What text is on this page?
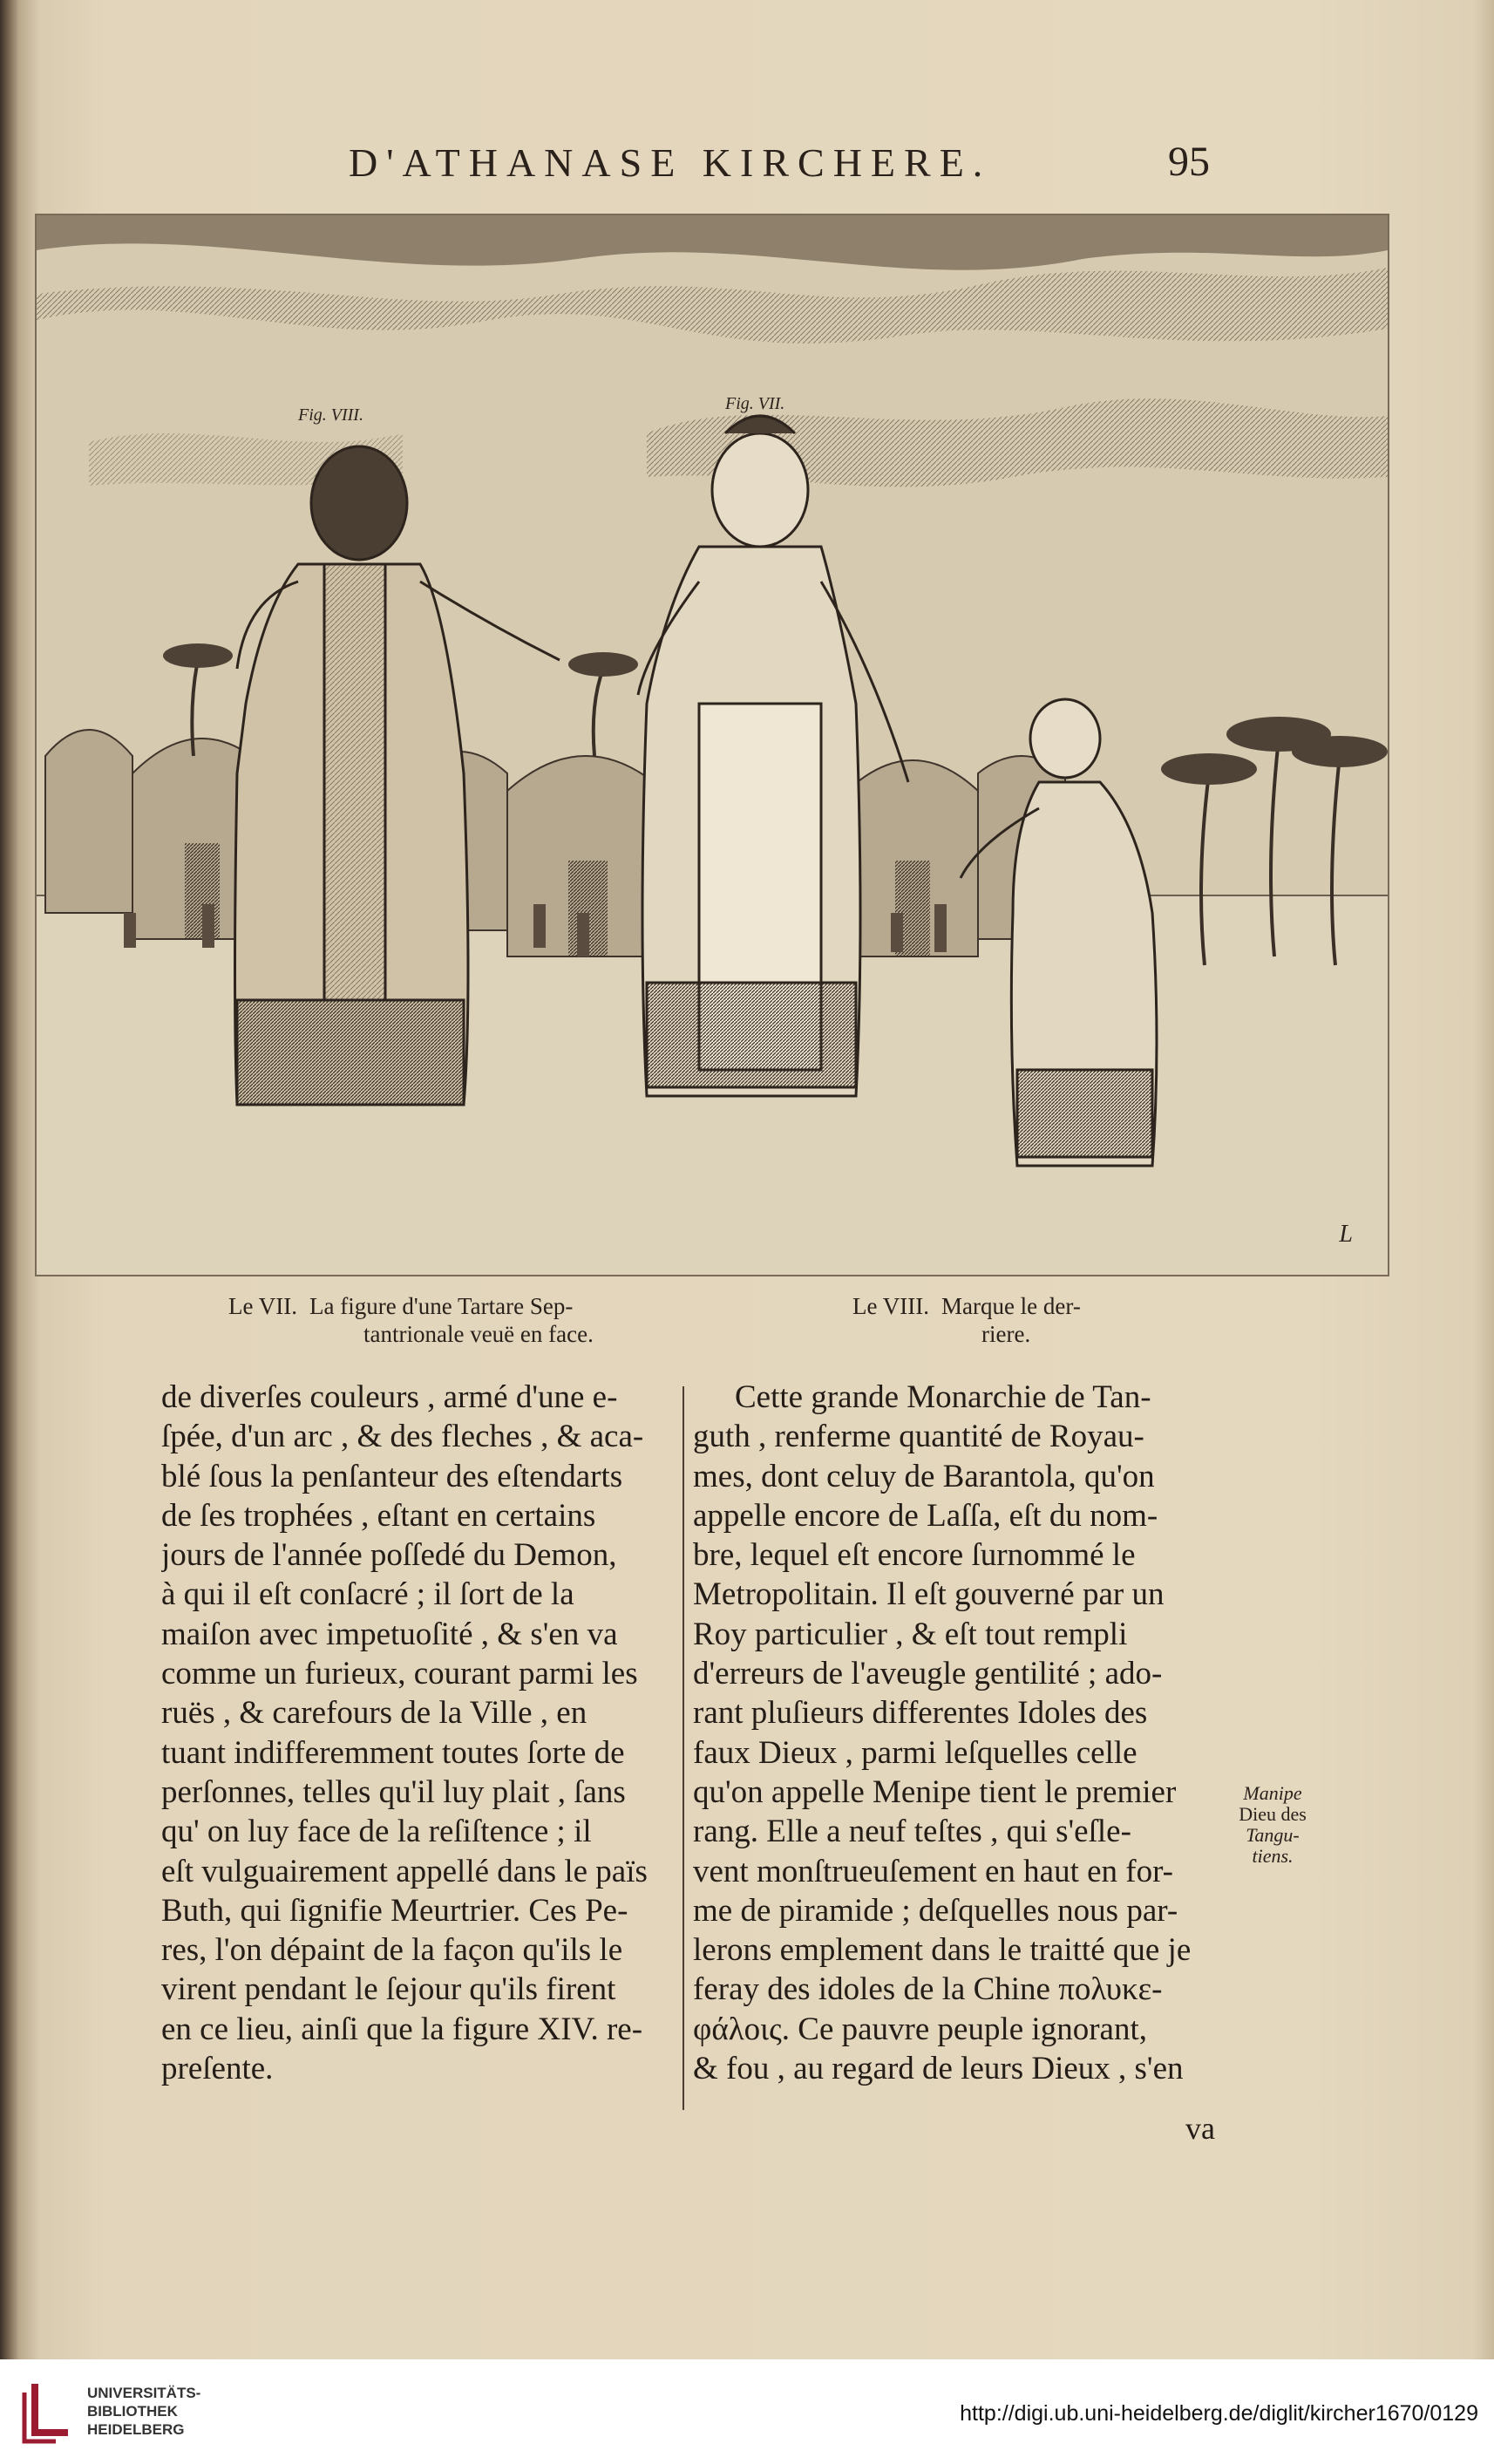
D'ATHANASE KIRCHERE.	95
Fig. VIII.
Fig. VII.
L
Le VII. La figure d'une Tartare Sep-
tantrionale veuë en face.
Le VIII. Marque le der-
riere.
de diverſes couleurs , armé d'une e-
ſpée, d'un arc , & des fleches , & aca-
blé ſous la penſanteur des eſtendarts
de ſes trophées , eſtant en certains
jours de l'année poſſedé du Demon,
à qui il eſt conſacré ; il ſort de la
maiſon avec impetuoſité , & s'en va
comme un furieux, courant parmi les
ruës , & carefours de la Ville , en
tuant indifferemment toutes ſorte de
perſonnes, telles qu'il luy plait , ſans
qu' on luy face de la reſiſtence ; il
eſt vulguairement appellé dans le païs
Buth, qui ſignifie Meurtrier. Ces Pe-
res, l'on dépaint de la façon qu'ils le
virent pendant le ſejour qu'ils firent
en ce lieu, ainſi que la figure XIV. re-
preſente.
Cette grande Monarchie de Tan-
guth , renferme quantité de Royau-
mes, dont celuy de Barantola, qu'on
appelle encore de Laſſa, eſt du nom-
bre, lequel eſt encore ſurnommé le
Metropolitain. Il eſt gouverné par un
Roy particulier , & eſt tout rempli
d'erreurs de l'aveugle gentilité ; ado-
rant pluſieurs differentes Idoles des
faux Dieux , parmi leſquelles celle
qu'on appelle Menipe tient le premier
rang. Elle a neuf teſtes , qui s'eſle-
vent monſtrueuſement en haut en for-
me de piramide ; deſquelles nous par-
lerons emplement dans le traitté que je
feray des idoles de la Chine πολυκε-
φάλοις. Ce pauvre peuple ignorant,
& fou , au regard de leurs Dieux , s'en
Manipe
Dieu des
Tangu-
tiens.
va
UNIVERSITÄTS-
BIBLIOTHEK
HEIDELBERG
http://digi.ub.uni-heidelberg.de/diglit/kircher1670/0129
